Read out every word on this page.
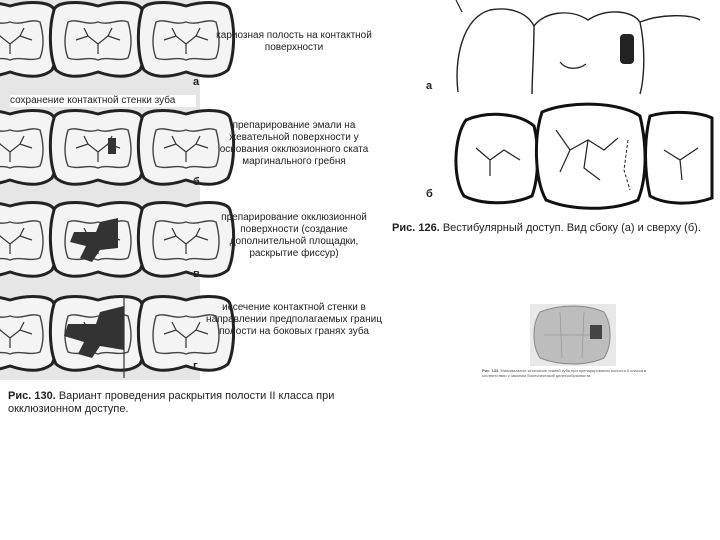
кариозная полость на контактной поверхности
а
сохранение контактной стенки зуба
препарирование эмали на жевательной поверхности у основания окклюзионного ската маргинального гребня
б
препарирование окклюзионной поверхности (создание дополнительной площадки, раскрытие фиссур)
в
иссечение контактной стенки в направлении предполагаемых границ полости на боковых гранях зуба
г
Рис. 130. Вариант проведения раскрытия полости II класса при окклюзионном доступе.
а
б
Рис. 126. Вестибулярный доступ. Вид сбоку (а) и сверху (б).
Рис. 133. Минимальное иссечение тканей зуба при препарировании полости II класса в соответствии с законом биологической целесообразности.
